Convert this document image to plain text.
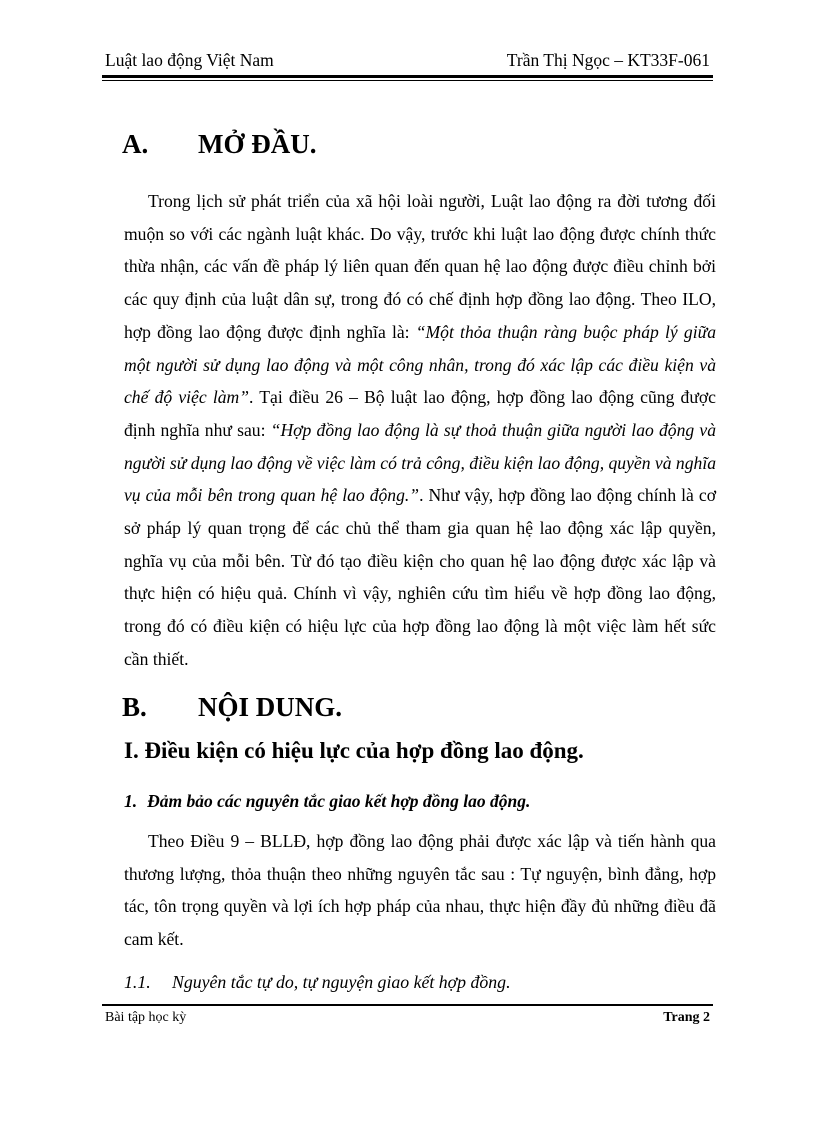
Luật lao động Việt Nam	Trần Thị Ngọc – KT33F-061
A. MỞ ĐẦU.

Trong lịch sử phát triển của xã hội loài người, Luật lao động ra đời tương đối muộn so với các ngành luật khác. Do vậy, trước khi luật lao động được chính thức thừa nhận, các vấn đề pháp lý liên quan đến quan hệ lao động được điều chỉnh bởi các quy định của luật dân sự, trong đó có chế định hợp đồng lao động. Theo ILO, hợp đồng lao động được định nghĩa là: “Một thỏa thuận ràng buộc pháp lý giữa một người sử dụng lao động và một công nhân, trong đó xác lập các điều kiện và chế độ việc làm”. Tại điều 26 – Bộ luật lao động, hợp đồng lao động cũng được định nghĩa như sau: “Hợp đồng lao động là sự thoả thuận giữa người lao động và người sử dụng lao động về việc làm có trả công, điều kiện lao động, quyền và nghĩa vụ của mỗi bên trong quan hệ lao động.”. Như vậy, hợp đồng lao động chính là cơ sở pháp lý quan trọng để các chủ thể tham gia quan hệ lao động xác lập quyền, nghĩa vụ của mỗi bên. Từ đó tạo điều kiện cho quan hệ lao động được xác lập và thực hiện có hiệu quả. Chính vì vậy, nghiên cứu tìm hiểu về hợp đồng lao động, trong đó có điều kiện có hiệu lực của hợp đồng lao động là một việc làm hết sức cần thiết.

B. NỘI DUNG.
I. Điều kiện có hiệu lực của hợp đồng lao động.
1. Đảm bảo các nguyên tắc giao kết hợp đồng lao động.

Theo Điều 9 – BLLĐ, hợp đồng lao động phải được xác lập và tiến hành qua thương lượng, thỏa thuận theo những nguyên tắc sau : Tự nguyện, bình đẳng, hợp tác, tôn trọng quyền và lợi ích hợp pháp của nhau, thực hiện đầy đủ những điều đã cam kết.

1.1. Nguyên tắc tự do, tự nguyện giao kết hợp đồng.
Bài tập học kỳ	Trang 2
